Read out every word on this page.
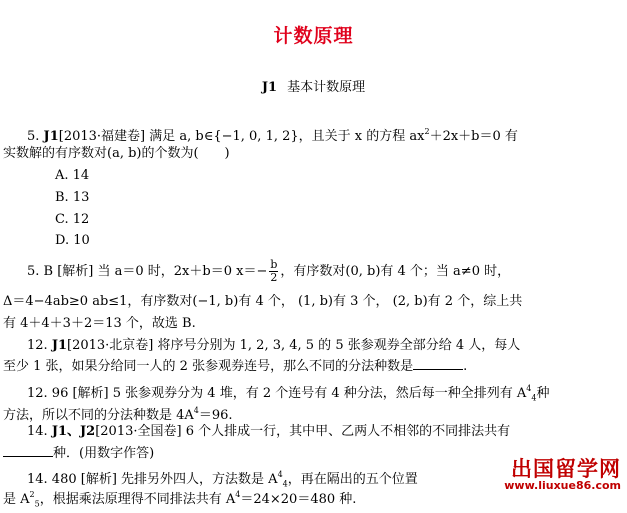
计数原理
J1 基本计数原理
5. J1[2013·福建卷] 满足 a, b∈{−1, 0, 1, 2}，且关于 x 的方程 $ax^2+2x+b=0$ 有
实数解的有序数对(a, b)的个数为(　　)
A. 14
B. 13
C. 12
D. 10
5. B [解析] 当 a＝0 时，2x＋b＝0 $x=- \frac{b}{2}$ ，有序数对(0, b)有 4 个；当 a≠0 时，
Δ＝4−4ab≥0 ab≤1，有序数对(−1, b)有 4 个， (1, b)有 3 个， (2, b)有 2 个，综上共
有 4＋4＋3＋2＝13 个，故选 B.
12. J1[2013·北京卷] 将序号分别为 1, 2, 3, 4, 5 的 5 张参观券全部分给 4 人，每人
至少 1 张，如果分给同一人的 2 张参观券连号，那么不同的分法种数是	.
12. 96 [解析] 5 张参观券分为 4 堆，有 2 个连号有 4 种分法，然后每一种全排列有 $A^4_4$种
方法，所以不同的分法种数是 $4A^4=96$.
14. J1、J2[2013·全国卷] 6 个人排成一行，其中甲、乙两人不相邻的不同排法共有
种．(用数字作答)
14. 480 [解析] 先排另外四人，方法数是 $A^4_4$，再在隔出的五个位置
是 $A^2_5$，根据乘法原理得不同排法共有 $A^4=24\times 20=480$ 种.
出国留学网
www.liuxue86.com
